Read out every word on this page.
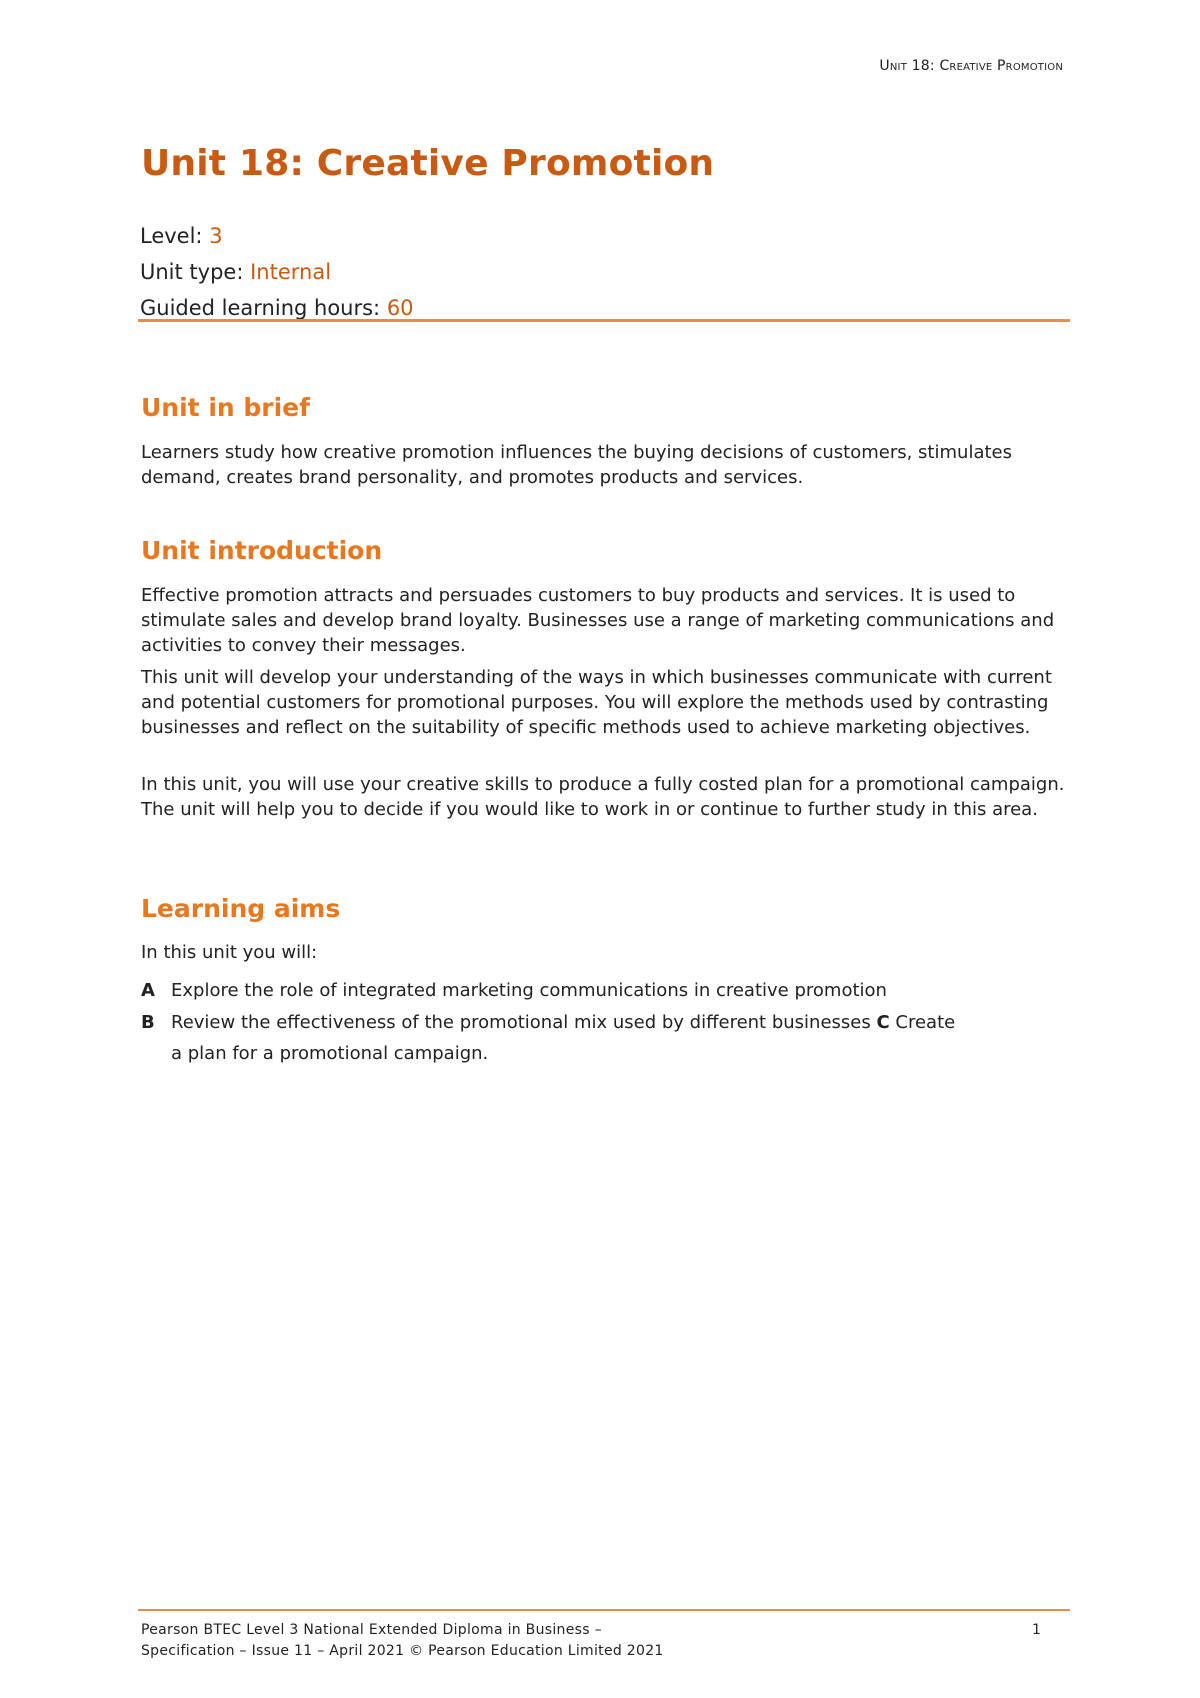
Unit 18: Creative Promotion
Unit 18: Creative Promotion
Level: 3
Unit type: Internal
Guided learning hours: 60
Unit in brief

Learners study how creative promotion influences the buying decisions of customers, stimulates demand, creates brand personality, and promotes products and services.

Unit introduction

Effective promotion attracts and persuades customers to buy products and services. It is used to stimulate sales and develop brand loyalty. Businesses use a range of marketing communications and activities to convey their messages.

This unit will develop your understanding of the ways in which businesses communicate with current and potential customers for promotional purposes. You will explore the methods used by contrasting businesses and reflect on the suitability of specific methods used to achieve marketing objectives.

In this unit, you will use your creative skills to produce a fully costed plan for a promotional campaign. The unit will help you to decide if you would like to work in or continue to further study in this area.

Learning aims

In this unit you will:

A Explore the role of integrated marketing communications in creative promotion
B Review the effectiveness of the promotional mix used by different businesses C Create
a plan for a promotional campaign.
Pearson BTEC Level 3 National Extended Diploma in Business –
Specification – Issue 11 – April 2021 © Pearson Education Limited 2021
1
